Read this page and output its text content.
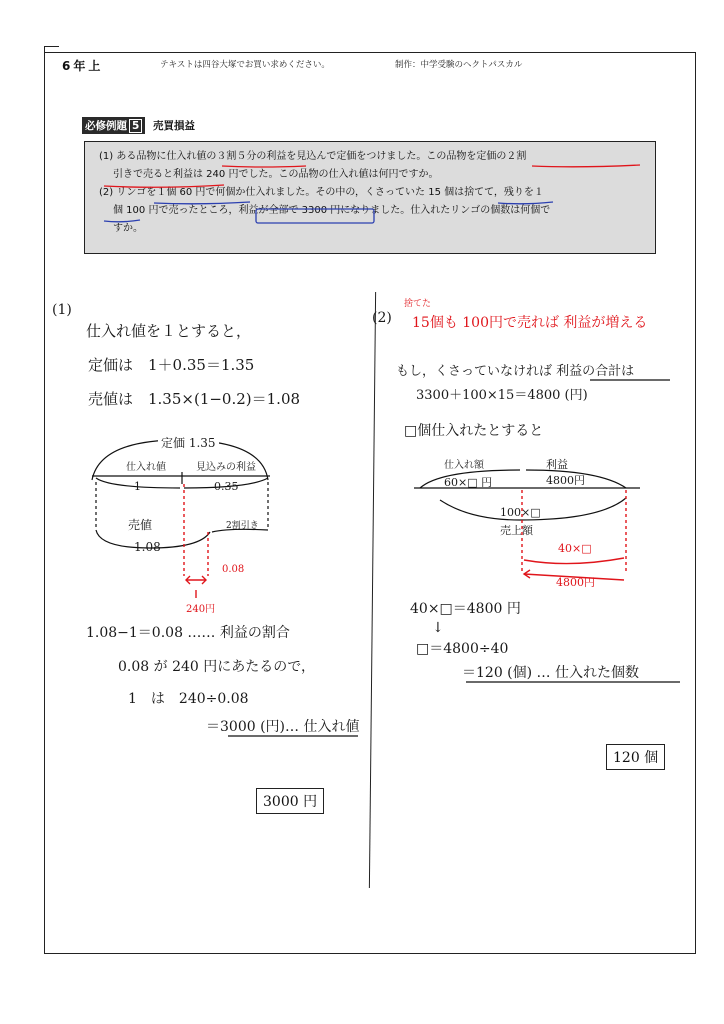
6年上	テキストは四谷大塚でお買い求めください。	制作：中学受験のヘクトパスカル
必修例題 5	売買損益

(1) ある品物に仕入れ値の３割５分の利益を見込んで定価をつけました。この品物を定価の２割

引きで売ると利益は 240 円でした。この品物の仕入れ値は何円ですか。

(2) リンゴを１個 60 円で何個か仕入れました。その中の，くさっていた 15 個は捨てて，残りを１

個 100 円で売ったところ，利益が全部で 3300 円になりました。仕入れたリンゴの個数は何個で

すか。

(1)
仕入れ値を１とすると，
定価は　1＋0.35＝1.35
売値は　1.35×(1−0.2)＝1.08
定価 1.35
仕入れ値	見込みの利益
1	0.35
売値	2割引き
1.08
0.08
240円
1.08−1＝0.08 …… 利益の割合
0.08 が 240 円にあたるので，
1　は　240÷0.08
＝3000 (円)… 仕入れ値
3000 円
(2)
捨てた
15個も 100円で売れば 利益が増える
もし，くさっていなければ 利益の合計は
3300＋100×15＝4800 (円)
□個仕入れたとすると
仕入れ額	利益
60×□ 円	4800円
100×□
売上額
40×□
4800円
40×□＝4800 円
↓
□＝4800÷40
＝120 (個) … 仕入れた個数
120 個
